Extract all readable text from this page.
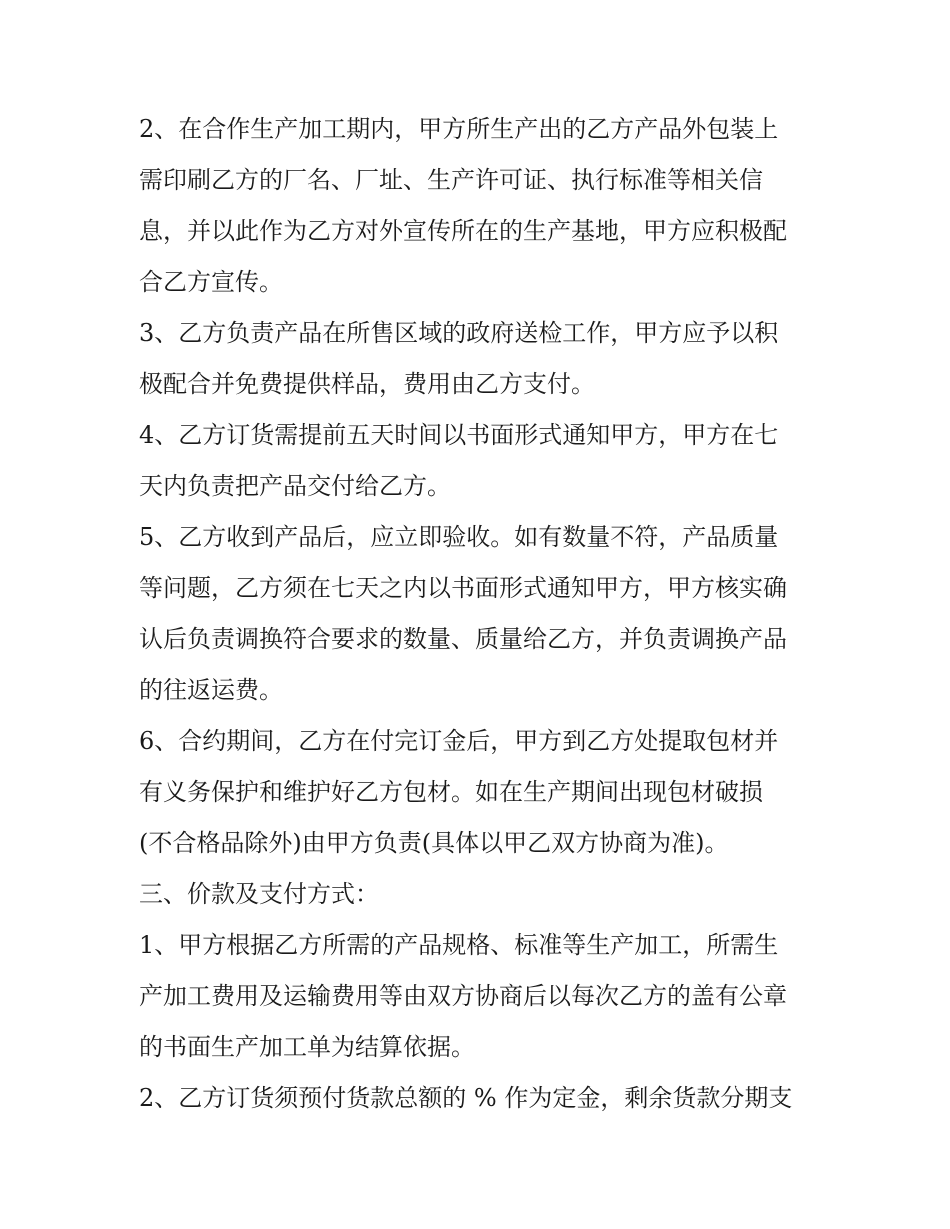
2、在合作生产加工期内，甲方所生产出的乙方产品外包装上
需印刷乙方的厂名、厂址、生产许可证、执行标准等相关信
息，并以此作为乙方对外宣传所在的生产基地，甲方应积极配
合乙方宣传。
3、乙方负责产品在所售区域的政府送检工作，甲方应予以积
极配合并免费提供样品，费用由乙方支付。
4、乙方订货需提前五天时间以书面形式通知甲方，甲方在七
天内负责把产品交付给乙方。
5、乙方收到产品后，应立即验收。如有数量不符，产品质量
等问题，乙方须在七天之内以书面形式通知甲方，甲方核实确
认后负责调换符合要求的数量、质量给乙方，并负责调换产品
的往返运费。
6、合约期间，乙方在付完订金后，甲方到乙方处提取包材并
有义务保护和维护好乙方包材。如在生产期间出现包材破损
(不合格品除外)由甲方负责(具体以甲乙双方协商为准)。
三、价款及支付方式：
1、甲方根据乙方所需的产品规格、标准等生产加工，所需生
产加工费用及运输费用等由双方协商后以每次乙方的盖有公章
的书面生产加工单为结算依据。
2、乙方订货须预付货款总额的 % 作为定金，剩余货款分期支
